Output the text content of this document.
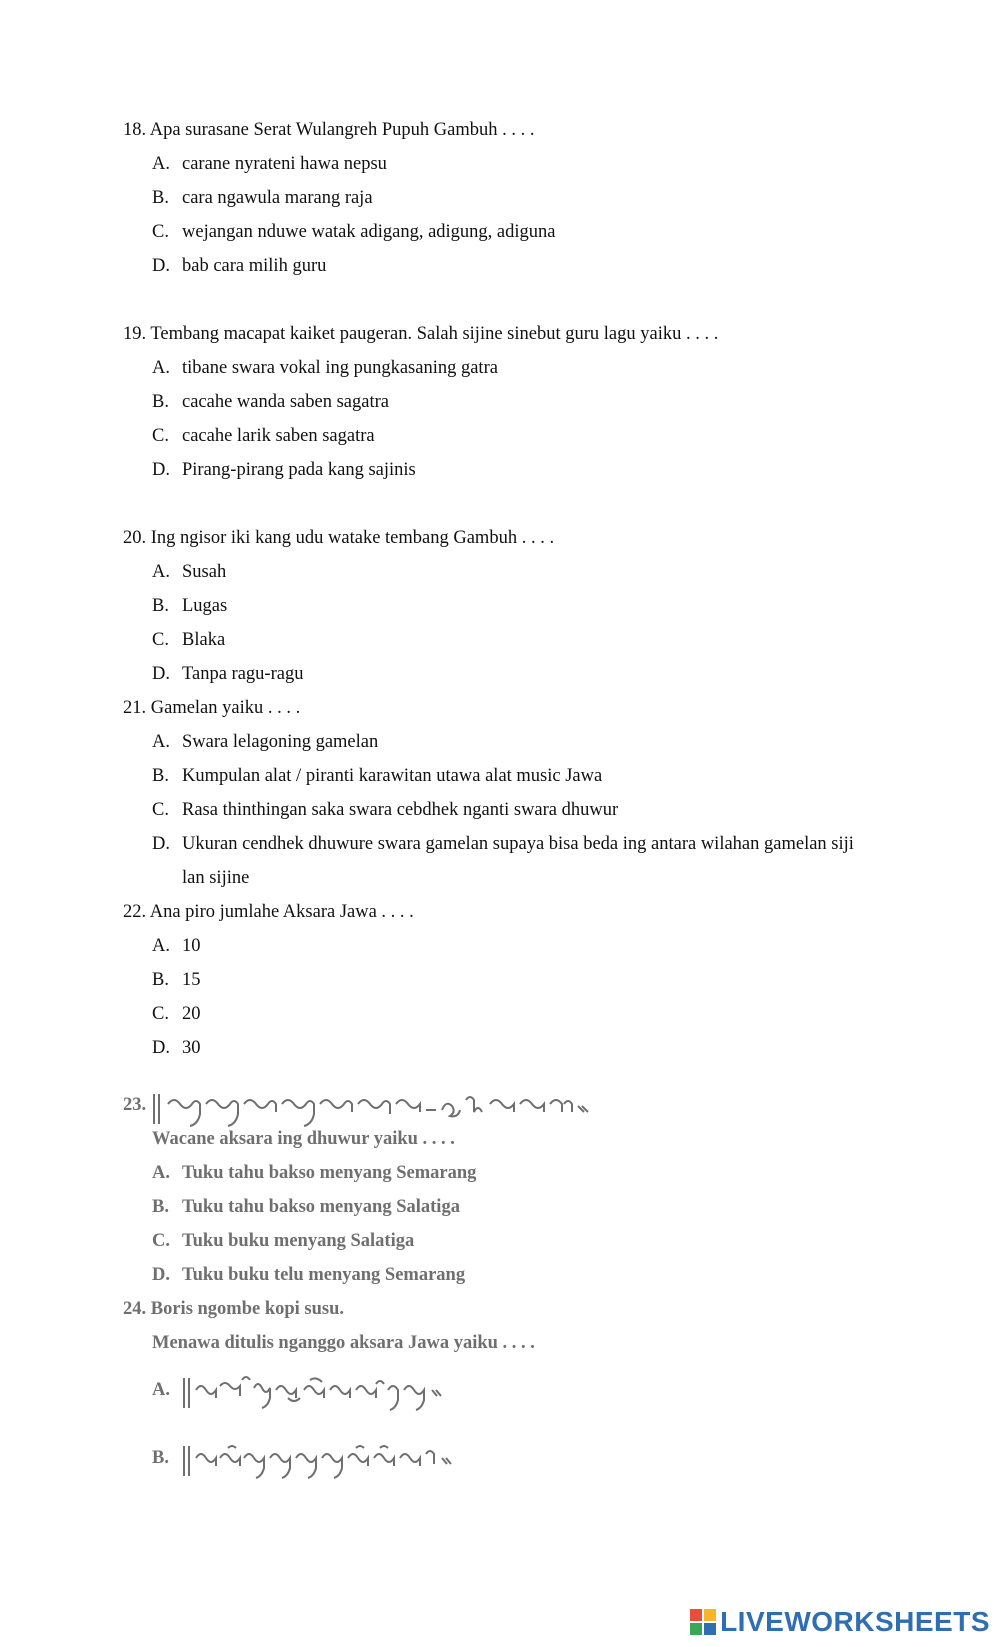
18. Apa surasane Serat Wulangreh Pupuh Gambuh . . . .
A. carane nyrateni hawa nepsu
B. cara ngawula marang raja
C. wejangan nduwe watak adigang, adigung, adiguna
D. bab cara milih guru
19. Tembang macapat kaiket paugeran. Salah sijine sinebut guru lagu yaiku . . . .
A. tibane swara vokal ing pungkasaning gatra
B. cacahe wanda saben sagatra
C. cacahe larik saben sagatra
D. Pirang-pirang pada kang sajinis
20. Ing ngisor iki kang udu watake tembang Gambuh . . . .
A. Susah
B. Lugas
C. Blaka
D. Tanpa ragu-ragu
21. Gamelan yaiku . . . .
A. Swara lelagoning gamelan
B. Kumpulan alat / piranti karawitan utawa alat music Jawa
C. Rasa thinthingan saka swara cebdhek nganti swara dhuwur
D. Ukuran cendhek dhuwure swara gamelan supaya bisa beda ing antara wilahan gamelan siji
lan sijine
22. Ana piro jumlahe Aksara Jawa . . . .
A. 10
B. 15
C. 20
D. 30
23.
Wacane aksara ing dhuwur yaiku . . . .
A. Tuku tahu bakso menyang Semarang
B. Tuku tahu bakso menyang Salatiga
C. Tuku buku menyang Salatiga
D. Tuku buku telu menyang Semarang
24. Boris ngombe kopi susu.
Menawa ditulis nganggo aksara Jawa yaiku . . . .
A.
B.
LIVEWORKSHEETS
